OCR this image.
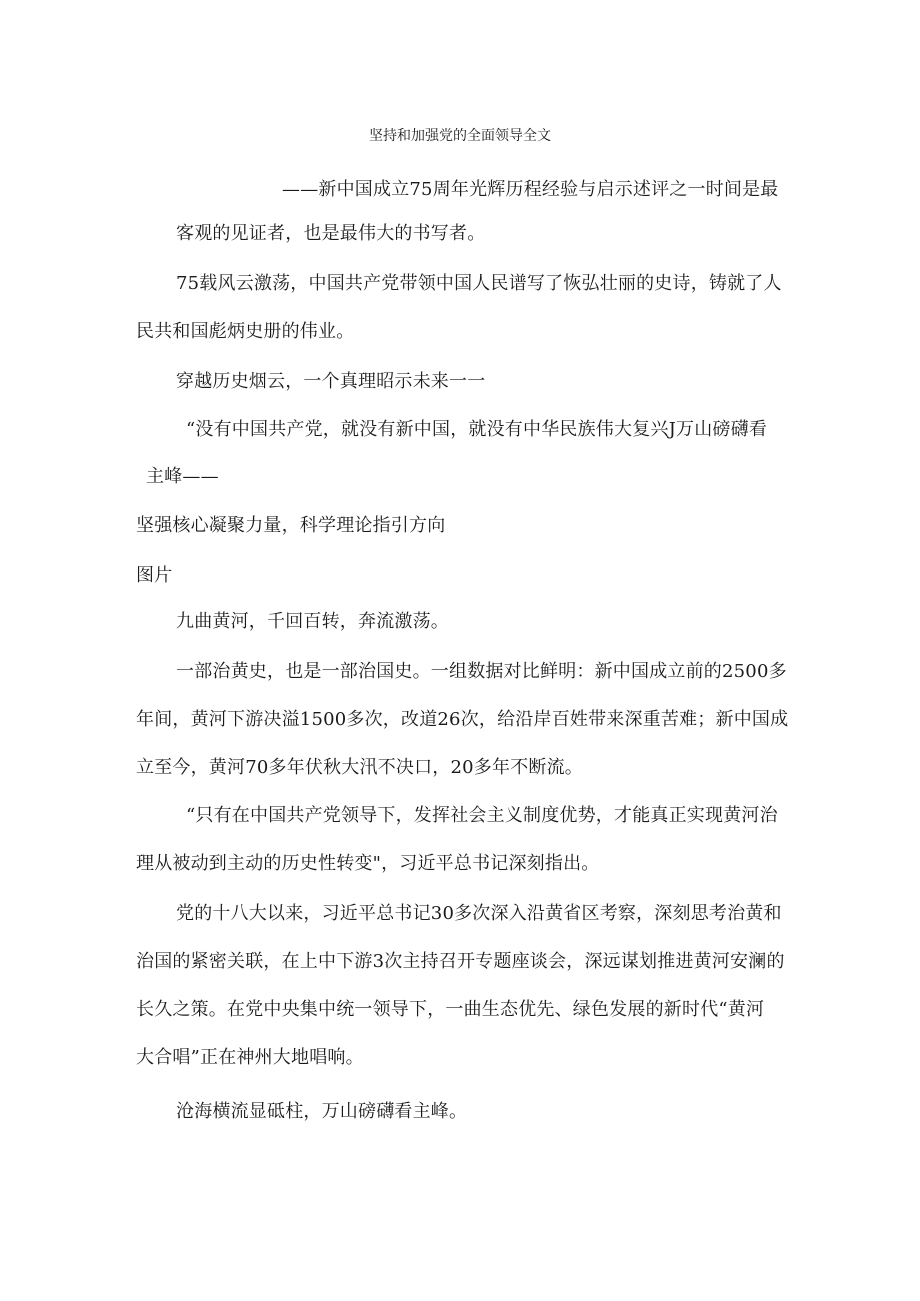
坚持和加强党的全面领导全文
——新中国成立75周年光辉历程经验与启示述评之一时间是最
客观的见证者，也是最伟大的书写者。
75载风云激荡，中国共产党带领中国人民谱写了恢弘壮丽的史诗，铸就了人
民共和国彪炳史册的伟业。
穿越历史烟云，一个真理昭示未来一一
“没有中国共产党，就没有新中国，就没有中华民族伟大复兴J万山磅礴看
主峰——
坚强核心凝聚力量，科学理论指引方向
图片
九曲黄河，千回百转，奔流激荡。
一部治黄史，也是一部治国史。一组数据对比鲜明：新中国成立前的2500多
年间，黄河下游决溢1500多次，改道26次，给沿岸百姓带来深重苦难；新中国成
立至今，黄河70多年伏秋大汛不决口，20多年不断流。
“只有在中国共产党领导下，发挥社会主义制度优势，才能真正实现黄河治
理从被动到主动的历史性转变"，习近平总书记深刻指出。
党的十八大以来，习近平总书记30多次深入沿黄省区考察，深刻思考治黄和
治国的紧密关联，在上中下游3次主持召开专题座谈会，深远谋划推进黄河安澜的
长久之策。在党中央集中统一领导下，一曲生态优先、绿色发展的新时代“黄河
大合唱”正在神州大地唱响。
沧海横流显砥柱，万山磅礴看主峰。
